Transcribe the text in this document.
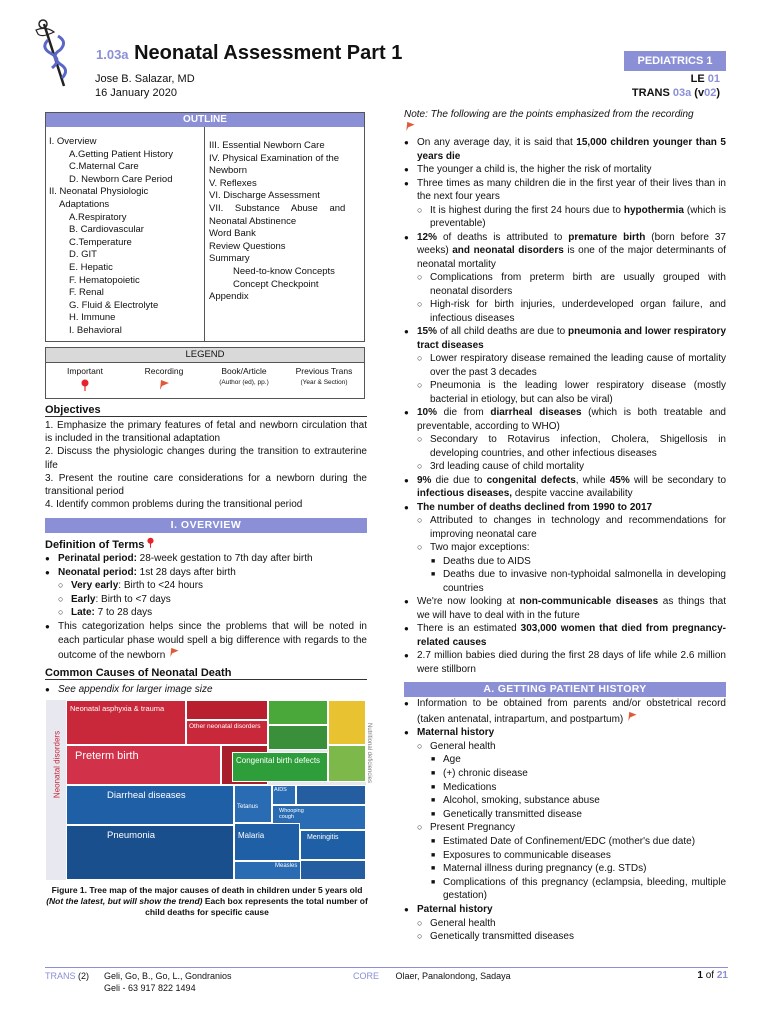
1.03a Neonatal Assessment Part 1	PEDIATRICS 1
Jose B. Salazar, MD
16 January 2020
LE 01
TRANS 03a (v02)
OUTLINE
I. Overview
A.Getting Patient History
C.Maternal Care
D. Newborn Care Period
II. Neonatal Physiologic
Adaptations
A.Respiratory
B. Cardiovascular
C.Temperature
D. GIT
E. Hepatic
F. Hematopoietic
F. Renal
G. Fluid & Electrolyte
H. Immune
I. Behavioral
III. Essential Newborn Care
IV. Physical Examination of the
Newborn
V. Reflexes
VI. Discharge Assessment
VII. Substance Abuse and
Neonatal Abstinence
Word Bank
Review Questions
Summary
Need-to-know Concepts
Concept Checkpoint
Appendix
LEGEND
Important	Recording	Book/Article
(Author (ed), pp.)
Previous Trans
(Year & Section)
Objectives
1. Emphasize the primary features of fetal and newborn circulation that is included in the transitional adaptation
2. Discuss the physiologic changes during the transition to extrauterine life
3. Present the routine care considerations for a newborn during the transitional period
4. Identify common problems during the transitional period
I. OVERVIEW
Definition of Terms
● Perinatal period: 28-week gestation to 7th day after birth
● Neonatal period: 1st 28 days after birth
○ Very early: Birth to <24 hours
○ Early: Birth to <7 days
○ Late: 7 to 28 days
● This categorization helps since the problems that will be noted in each particular phase would spell a big difference with regards to the outcome of the newborn
Common Causes of Neonatal Death
● See appendix for larger image size
Neonatal disorders
Neonatal asphyxia & trauma
Other neonatal disorders
Preterm birth	Congenital birth defects	Nutritional deficiencies
Diarrheal diseases
Pneumonia
Tetanus
AIDS
Whooping cough
Malaria	Meningitis
Measles
Figure 1. Tree map of the major causes of death in children under 5 years old (Not the latest, but will show the trend) Each box represents the total number of child deaths for specific cause
Note: The following are the points emphasized from the recording
● On any average day, it is said that 15,000 children younger than 5 years die
● The younger a child is, the higher the risk of mortality
● Three times as many children die in the first year of their lives than in the next four years
○ It is highest during the first 24 hours due to hypothermia (which is preventable)
● 12% of deaths is attributed to premature birth (born before 37 weeks) and neonatal disorders is one of the major determinants of neonatal mortality
○ Complications from preterm birth are usually grouped with neonatal disorders
○ High-risk for birth injuries, underdeveloped organ failure, and infectious diseases
● 15% of all child deaths are due to pneumonia and lower respiratory tract diseases
○ Lower respiratory disease remained the leading cause of mortality over the past 3 decades
○ Pneumonia is the leading lower respiratory disease (mostly bacterial in etiology, but can also be viral)
● 10% die from diarrheal diseases (which is both treatable and preventable, according to WHO)
○ Secondary to Rotavirus infection, Cholera, Shigellosis in developing countries, and other infectious diseases
○ 3rd leading cause of child mortality
● 9% die due to congenital defects, while 45% will be secondary to infectious diseases, despite vaccine availability
● The number of deaths declined from 1990 to 2017
○ Attributed to changes in technology and recommendations for improving neonatal care
○ Two major exceptions:
■ Deaths due to AIDS
■ Deaths due to invasive non-typhoidal salmonella in developing countries
● We're now looking at non-communicable diseases as things that we will have to deal with in the future
● There is an estimated 303,000 women that died from pregnancy-related causes
● 2.7 million babies died during the first 28 days of life while 2.6 million were stillborn
A. GETTING PATIENT HISTORY
● Information to be obtained from parents and/or obstetrical record (taken antenatal, intrapartum, and postpartum)
● Maternal history
○ General health
■ Age
■ (+) chronic disease
■ Medications
■ Alcohol, smoking, substance abuse
■ Genetically transmitted disease
○ Present Pregnancy
■ Estimated Date of Confinement/EDC (mother's due date)
■ Exposures to communicable diseases
■ Maternal illness during pregnancy (e.g. STDs)
■ Complications of this pregnancy (eclampsia, bleeding, multiple gestation)
● Paternal history
○ General health
○ Genetically transmitted diseases
TRANS (2) Geli, Go, B., Go, L., Gondranios
Geli - 63 917 822 1494
CORE Olaer, Panalondong, Sadaya	1 of 21
